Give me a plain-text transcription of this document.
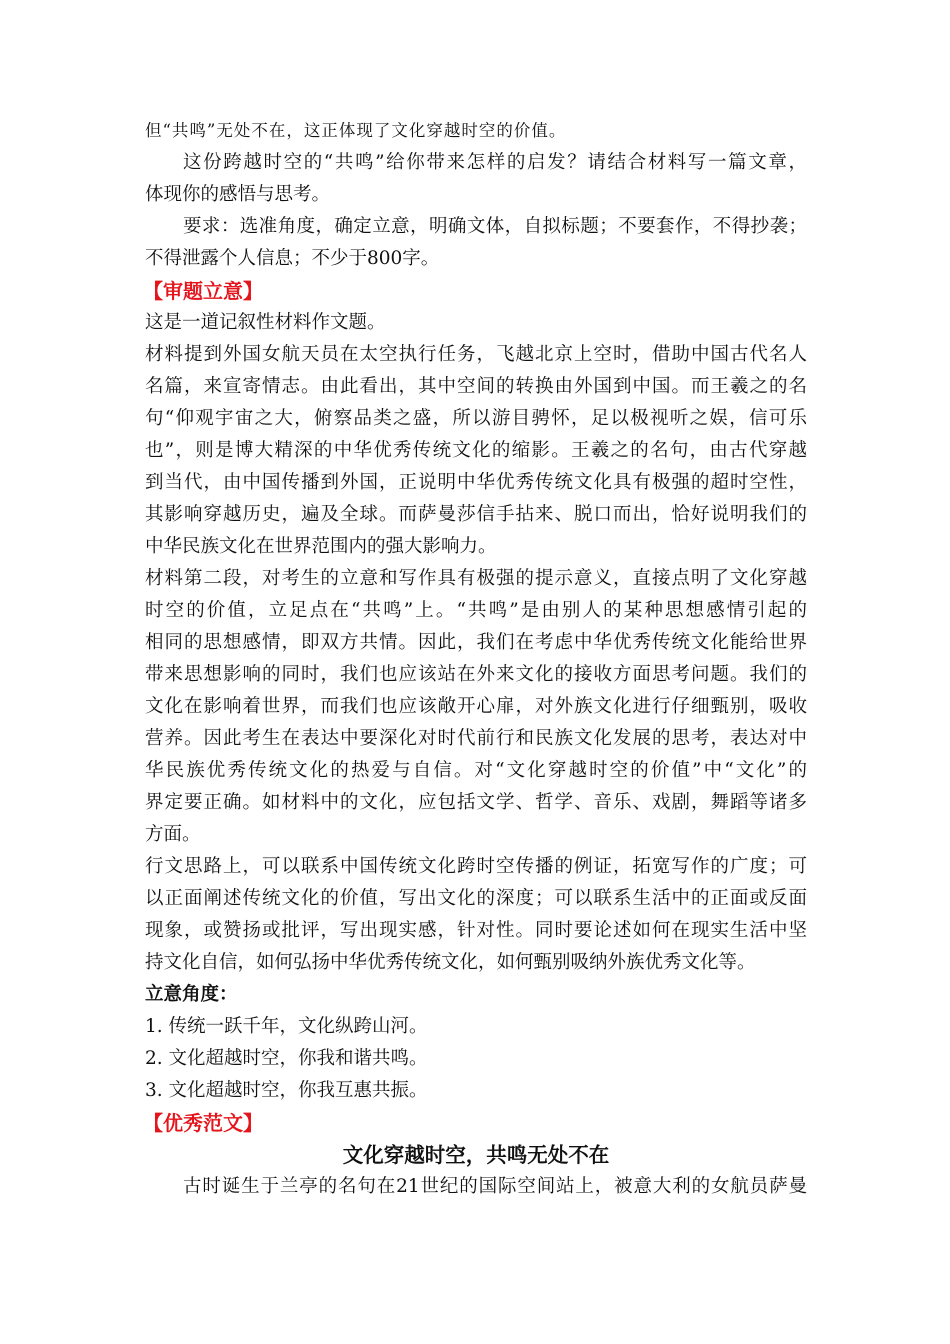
但“共鸣”无处不在，这正体现了文化穿越时空的价值。
这份跨越时空的“共鸣”给你带来怎样的启发？请结合材料写一篇文章，
体现你的感悟与思考。
要求：选准角度，确定立意，明确文体，自拟标题；不要套作，不得抄袭；
不得泄露个人信息；不少于800字。
【审题立意】
这是一道记叙性材料作文题。
材料提到外国女航天员在太空执行任务，飞越北京上空时，借助中国古代名人
名篇，来宣寄情志。由此看出，其中空间的转换由外国到中国。而王羲之的名
句“仰观宇宙之大，俯察品类之盛，所以游目骋怀，足以极视听之娱，信可乐
也”，则是博大精深的中华优秀传统文化的缩影。王羲之的名句，由古代穿越
到当代，由中国传播到外国，正说明中华优秀传统文化具有极强的超时空性，
其影响穿越历史，遍及全球。而萨曼莎信手拈来、脱口而出，恰好说明我们的
中华民族文化在世界范围内的强大影响力。
材料第二段，对考生的立意和写作具有极强的提示意义，直接点明了文化穿越
时空的价值，立足点在“共鸣”上。“共鸣”是由别人的某种思想感情引起的
相同的思想感情，即双方共情。因此，我们在考虑中华优秀传统文化能给世界
带来思想影响的同时，我们也应该站在外来文化的接收方面思考问题。我们的
文化在影响着世界，而我们也应该敞开心扉，对外族文化进行仔细甄别，吸收
营养。因此考生在表达中要深化对时代前行和民族文化发展的思考，表达对中
华民族优秀传统文化的热爱与自信。对“文化穿越时空的价值”中“文化”的
界定要正确。如材料中的文化，应包括文学、哲学、音乐、戏剧，舞蹈等诸多
方面。
行文思路上，可以联系中国传统文化跨时空传播的例证，拓宽写作的广度；可
以正面阐述传统文化的价值，写出文化的深度；可以联系生活中的正面或反面
现象，或赞扬或批评，写出现实感，针对性。同时要论述如何在现实生活中坚
持文化自信，如何弘扬中华优秀传统文化，如何甄别吸纳外族优秀文化等。
立意角度：
1. 传统一跃千年，文化纵跨山河。
2. 文化超越时空，你我和谐共鸣。
3. 文化超越时空，你我互惠共振。
【优秀范文】
文化穿越时空，共鸣无处不在
古时诞生于兰亭的名句在21世纪的国际空间站上，被意大利的女航员萨曼
